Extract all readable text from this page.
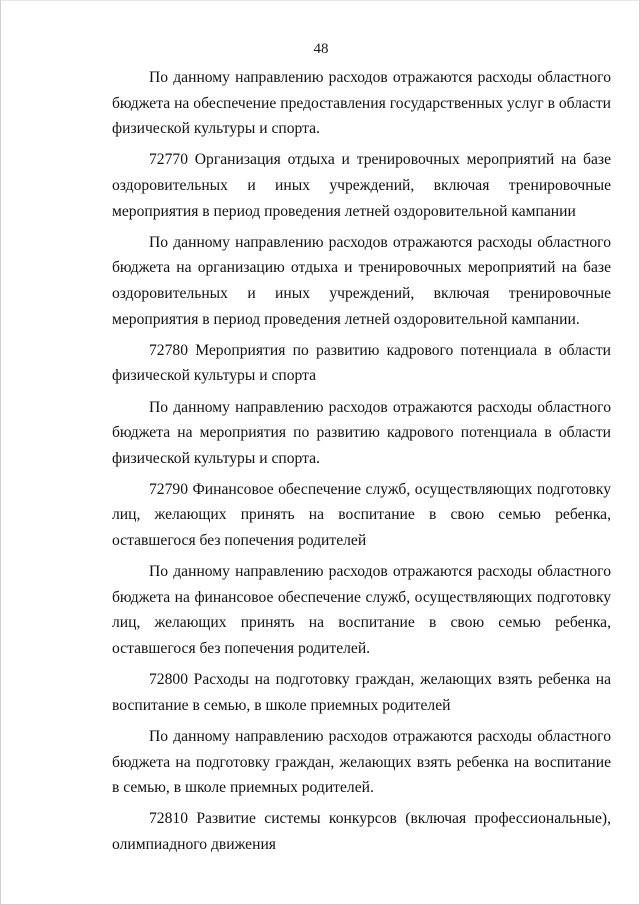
48

По данному направлению расходов отражаются расходы областного бюджета на обеспечение предоставления государственных услуг в области физической культуры и спорта.

72770 Организация отдыха и тренировочных мероприятий на базе оздоровительных и иных учреждений, включая тренировочные мероприятия в период проведения летней оздоровительной кампании

По данному направлению расходов отражаются расходы областного бюджета на организацию отдыха и тренировочных мероприятий на базе оздоровительных и иных учреждений, включая тренировочные мероприятия в период проведения летней оздоровительной кампании.

72780 Мероприятия по развитию кадрового потенциала в области физической культуры и спорта

По данному направлению расходов отражаются расходы областного бюджета на мероприятия по развитию кадрового потенциала в области физической культуры и спорта.

72790 Финансовое обеспечение служб, осуществляющих подготовку лиц, желающих принять на воспитание в свою семью ребенка, оставшегося без попечения родителей

По данному направлению расходов отражаются расходы областного бюджета на финансовое обеспечение служб, осуществляющих подготовку лиц, желающих принять на воспитание в свою семью ребенка, оставшегося без попечения родителей.

72800 Расходы на подготовку граждан, желающих взять ребенка на воспитание в семью, в школе приемных родителей

По данному направлению расходов отражаются расходы областного бюджета на подготовку граждан, желающих взять ребенка на воспитание в семью, в школе приемных родителей.

72810 Развитие системы конкурсов (включая профессиональные), олимпиадного движения
